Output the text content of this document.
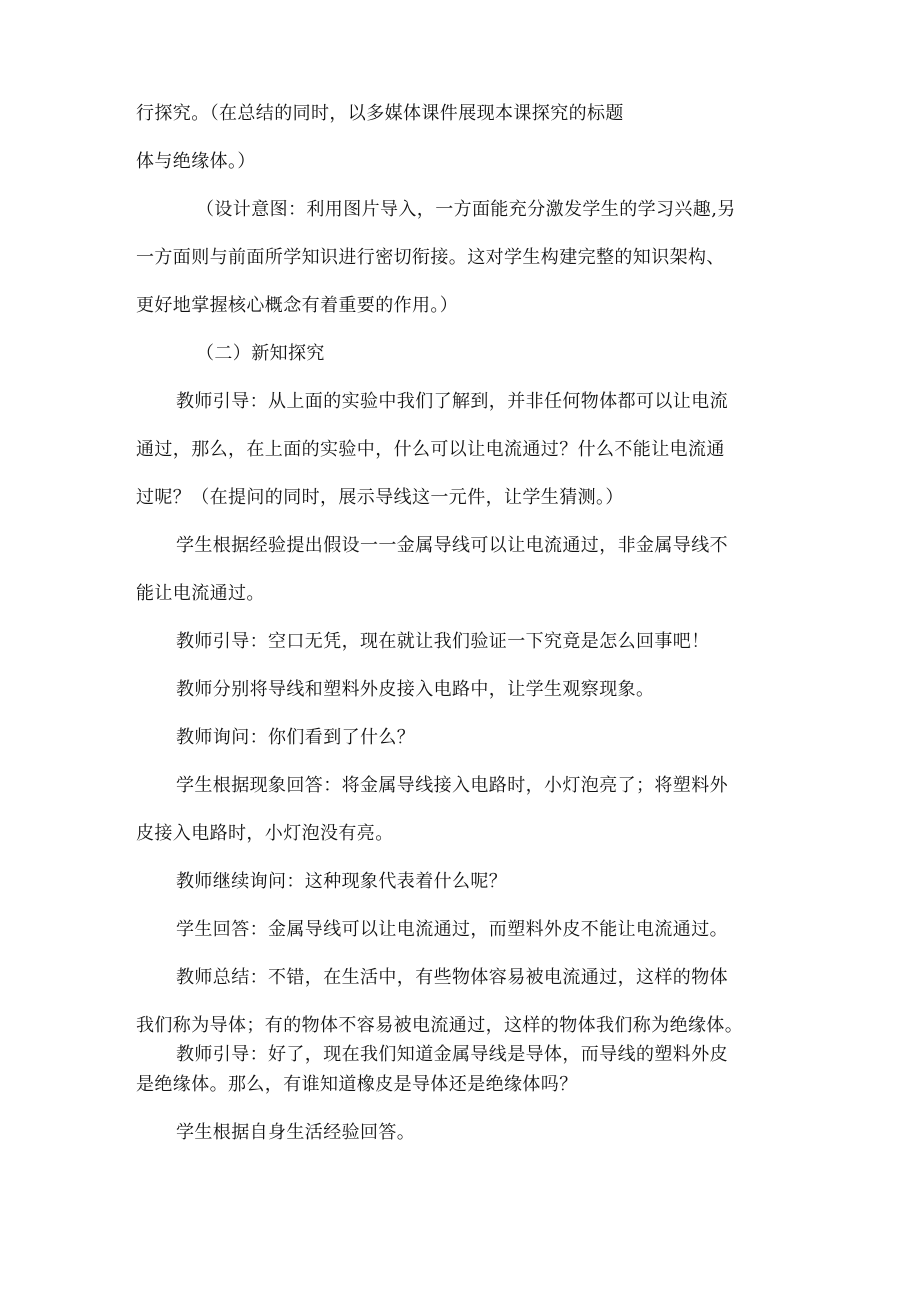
行探究。（在总结的同时，以多媒体课件展现本课探究的标题
体与绝缘体。）
（设计意图：利用图片导入，一方面能充分激发学生的学习兴趣,另
一方面则与前面所学知识进行密切衔接。这对学生构建完整的知识架构、
更好地掌握核心概念有着重要的作用。）
（二）新知探究
教师引导：从上面的实验中我们了解到，并非任何物体都可以让电流
通过，那么，在上面的实验中，什么可以让电流通过？什么不能让电流通
过呢？（在提问的同时，展示导线这一元件，让学生猜测。）
学生根据经验提出假设一一金属导线可以让电流通过，非金属导线不
能让电流通过。
教师引导：空口无凭，现在就让我们验证一下究竟是怎么回事吧！
教师分别将导线和塑料外皮接入电路中，让学生观察现象。
教师询问：你们看到了什么？
学生根据现象回答：将金属导线接入电路时，小灯泡亮了；将塑料外
皮接入电路时，小灯泡没有亮。
教师继续询问：这种现象代表着什么呢？
学生回答：金属导线可以让电流通过，而塑料外皮不能让电流通过。
教师总结：不错，在生活中，有些物体容易被电流通过，这样的物体
我们称为导体；有的物体不容易被电流通过，这样的物体我们称为绝缘体。
教师引导：好了，现在我们知道金属导线是导体，而导线的塑料外皮
是绝缘体。那么，有谁知道橡皮是导体还是绝缘体吗？
学生根据自身生活经验回答。
